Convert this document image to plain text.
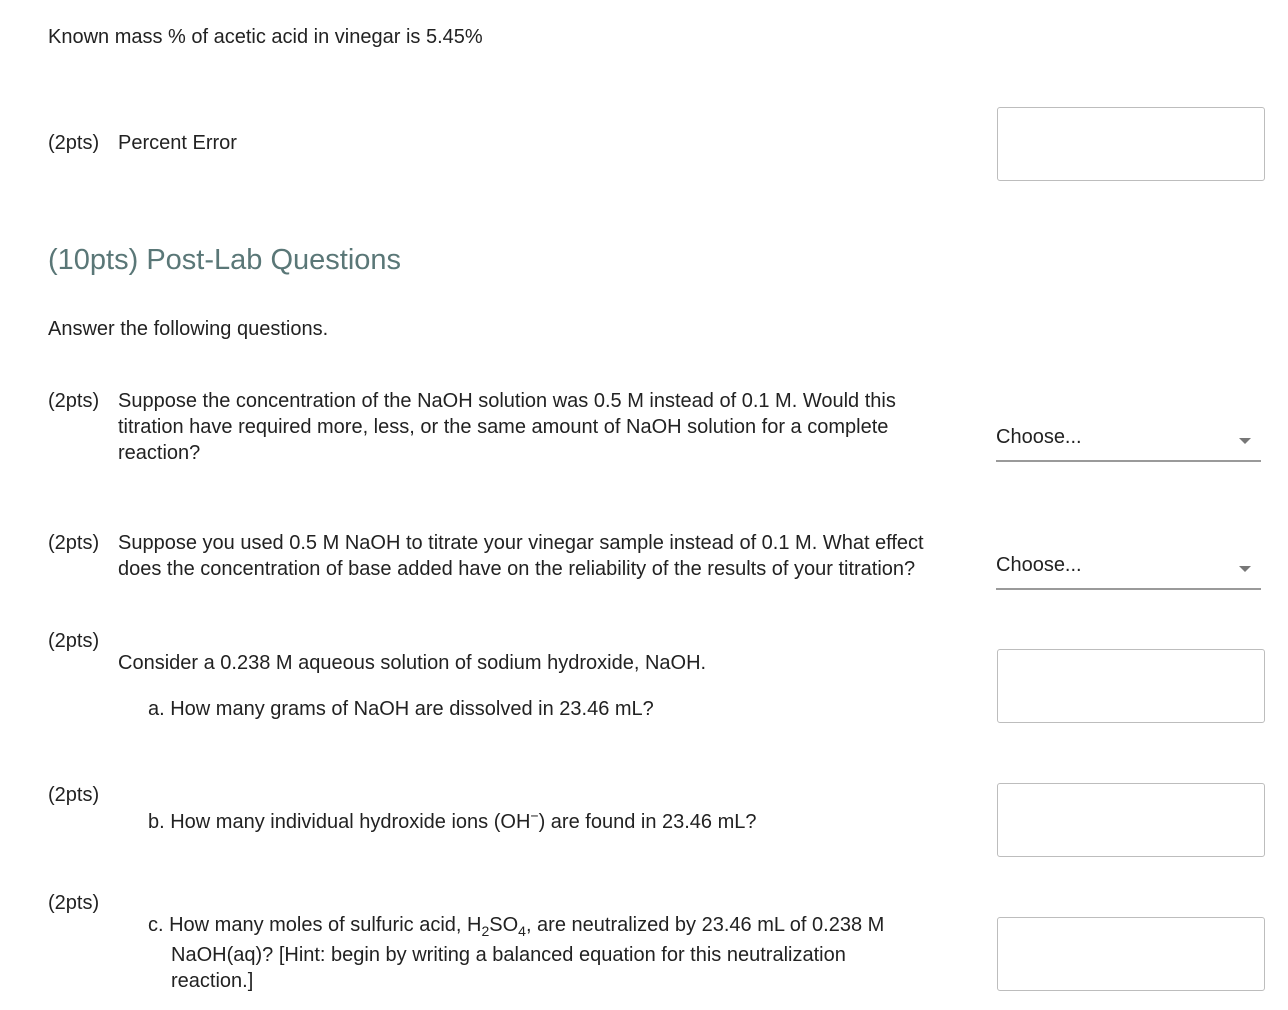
Known mass % of acetic acid in vinegar is 5.45%
(2pts) Percent Error
(10pts) Post-Lab Questions
Answer the following questions.
(2pts) Suppose the concentration of the NaOH solution was 0.5 M instead of 0.1 M. Would this
titration have required more, less, or the same amount of NaOH solution for a complete
reaction?
Choose...
(2pts) Suppose you used 0.5 M NaOH to titrate your vinegar sample instead of 0.1 M. What effect
does the concentration of base added have on the reliability of the results of your titration?	Choose...
(2pts)
Consider a 0.238 M aqueous solution of sodium hydroxide, NaOH.
a. How many grams of NaOH are dissolved in 23.46 mL?
(2pts)
b. How many individual hydroxide ions (OH−) are found in 23.46 mL?
(2pts)
c. How many moles of sulfuric acid, $H_2SO_4$, are neutralized by 23.46 mL of 0.238 M
NaOH(aq)? [Hint: begin by writing a balanced equation for this neutralization
reaction.]
